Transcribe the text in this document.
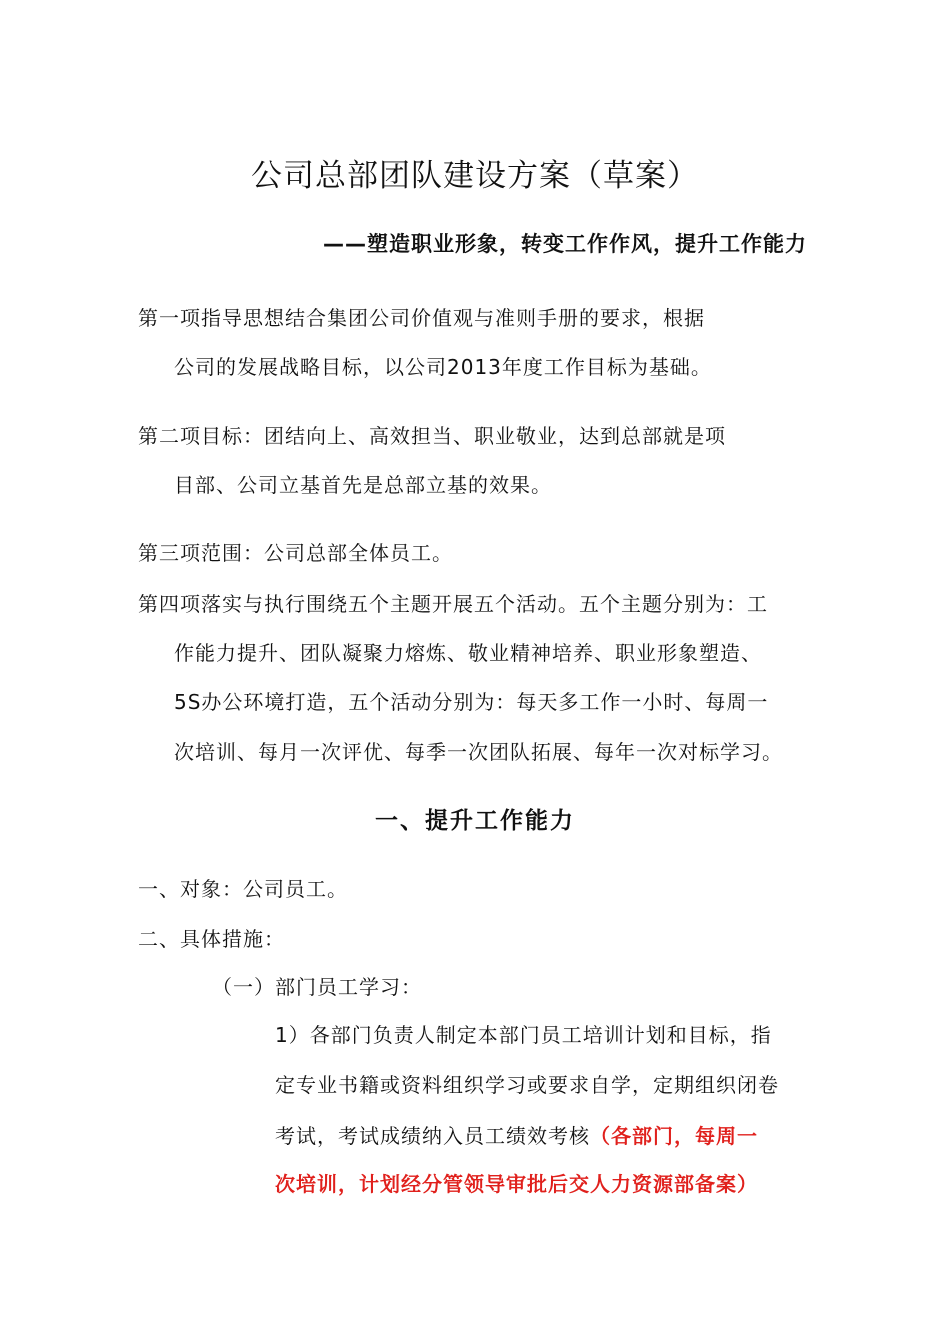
公司总部团队建设方案（草案）
——塑造职业形象，转变工作作风，提升工作能力
第一项指导思想结合集团公司价值观与准则手册的要求，根据
公司的发展战略目标，以公司2013年度工作目标为基础。
第二项目标：团结向上、高效担当、职业敬业，达到总部就是项
目部、公司立基首先是总部立基的效果。
第三项范围：公司总部全体员工。
第四项落实与执行围绕五个主题开展五个活动。五个主题分别为：工
作能力提升、团队凝聚力熔炼、敬业精神培养、职业形象塑造、
5S办公环境打造，五个活动分别为：每天多工作一小时、每周一
次培训、每月一次评优、每季一次团队拓展、每年一次对标学习。
一、提升工作能力
一、对象：公司员工。
二、具体措施：
（一）部门员工学习：
1）各部门负责人制定本部门员工培训计划和目标，指
定专业书籍或资料组织学习或要求自学，定期组织闭卷
考试，考试成绩纳入员工绩效考核（各部门，每周一
次培训，计划经分管领导审批后交人力资源部备案）
